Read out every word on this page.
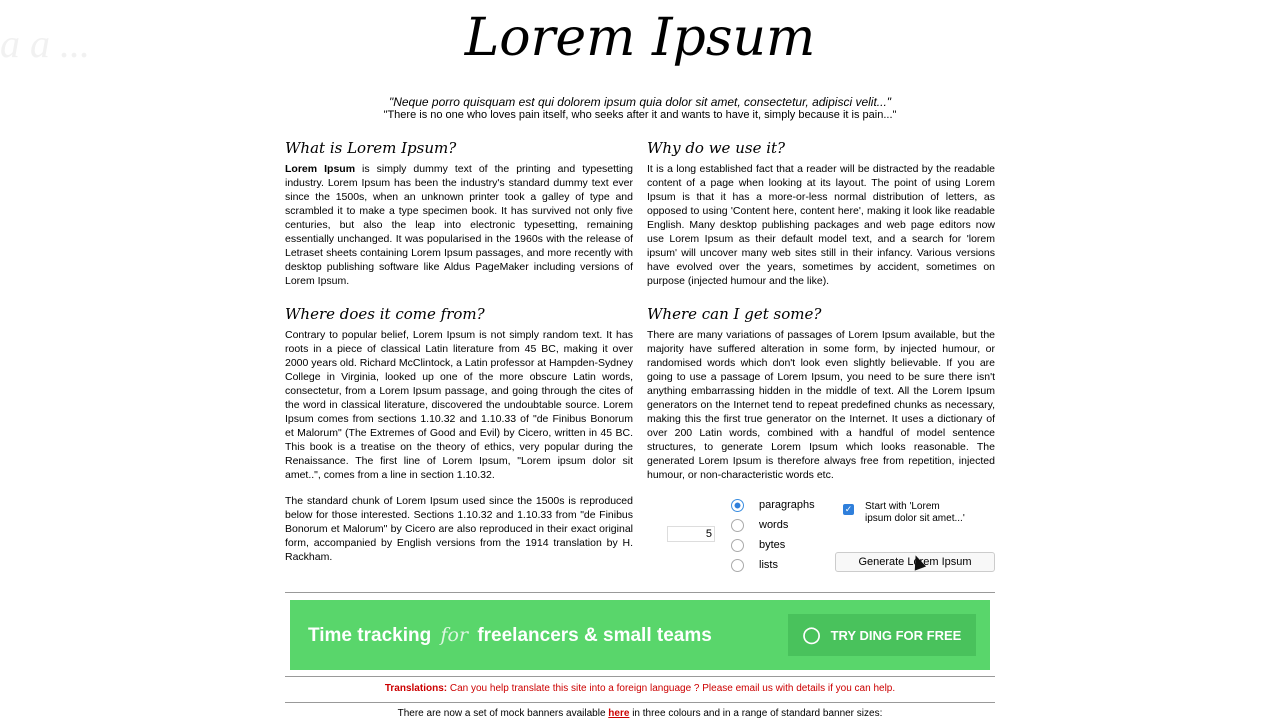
a a ...	Lorem Ipsum
"Neque porro quisquam est qui dolorem ipsum quia dolor sit amet, consectetur, adipisci velit..."
"There is no one who loves pain itself, who seeks after it and wants to have it, simply because it is pain..."
What is Lorem Ipsum?

Lorem Ipsum is simply dummy text of the printing and typesetting industry. Lorem Ipsum has been the industry's standard dummy text ever since the 1500s, when an unknown printer took a galley of type and scrambled it to make a type specimen book. It has survived not only five centuries, but also the leap into electronic typesetting, remaining essentially unchanged. It was popularised in the 1960s with the release of Letraset sheets containing Lorem Ipsum passages, and more recently with desktop publishing software like Aldus PageMaker including versions of Lorem Ipsum.

Why do we use it?

It is a long established fact that a reader will be distracted by the readable content of a page when looking at its layout. The point of using Lorem Ipsum is that it has a more-or-less normal distribution of letters, as opposed to using 'Content here, content here', making it look like readable English. Many desktop publishing packages and web page editors now use Lorem Ipsum as their default model text, and a search for 'lorem ipsum' will uncover many web sites still in their infancy. Various versions have evolved over the years, sometimes by accident, sometimes on purpose (injected humour and the like).

Where does it come from?

Contrary to popular belief, Lorem Ipsum is not simply random text. It has roots in a piece of classical Latin literature from 45 BC, making it over 2000 years old. Richard McClintock, a Latin professor at Hampden-Sydney College in Virginia, looked up one of the more obscure Latin words, consectetur, from a Lorem Ipsum passage, and going through the cites of the word in classical literature, discovered the undoubtable source. Lorem Ipsum comes from sections 1.10.32 and 1.10.33 of "de Finibus Bonorum et Malorum" (The Extremes of Good and Evil) by Cicero, written in 45 BC. This book is a treatise on the theory of ethics, very popular during the Renaissance. The first line of Lorem Ipsum, "Lorem ipsum dolor sit amet..", comes from a line in section 1.10.32.

The standard chunk of Lorem Ipsum used since the 1500s is reproduced below for those interested. Sections 1.10.32 and 1.10.33 from "de Finibus Bonorum et Malorum" by Cicero are also reproduced in their exact original form, accompanied by English versions from the 1914 translation by H. Rackham.

Where can I get some?

There are many variations of passages of Lorem Ipsum available, but the majority have suffered alteration in some form, by injected humour, or randomised words which don't look even slightly believable. If you are going to use a passage of Lorem Ipsum, you need to be sure there isn't anything embarrassing hidden in the middle of text. All the Lorem Ipsum generators on the Internet tend to repeat predefined chunks as necessary, making this the first true generator on the Internet. It uses a dictionary of over 200 Latin words, combined with a handful of model sentence structures, to generate Lorem Ipsum which looks reasonable. The generated Lorem Ipsum is therefore always free from repetition, injected humour, or non-characteristic words etc.

5
paragraphs
words
bytes
lists
✓ Start with 'Lorem ipsum dolor sit amet...'
Generate Lorem Ipsum
Time tracking for freelancers & small teams	◯ TRY DING FOR FREE
Translations: Can you help translate this site into a foreign language ? Please email us with details if you can help.
There are now a set of mock banners available here in three colours and in a range of standard banner sizes:
